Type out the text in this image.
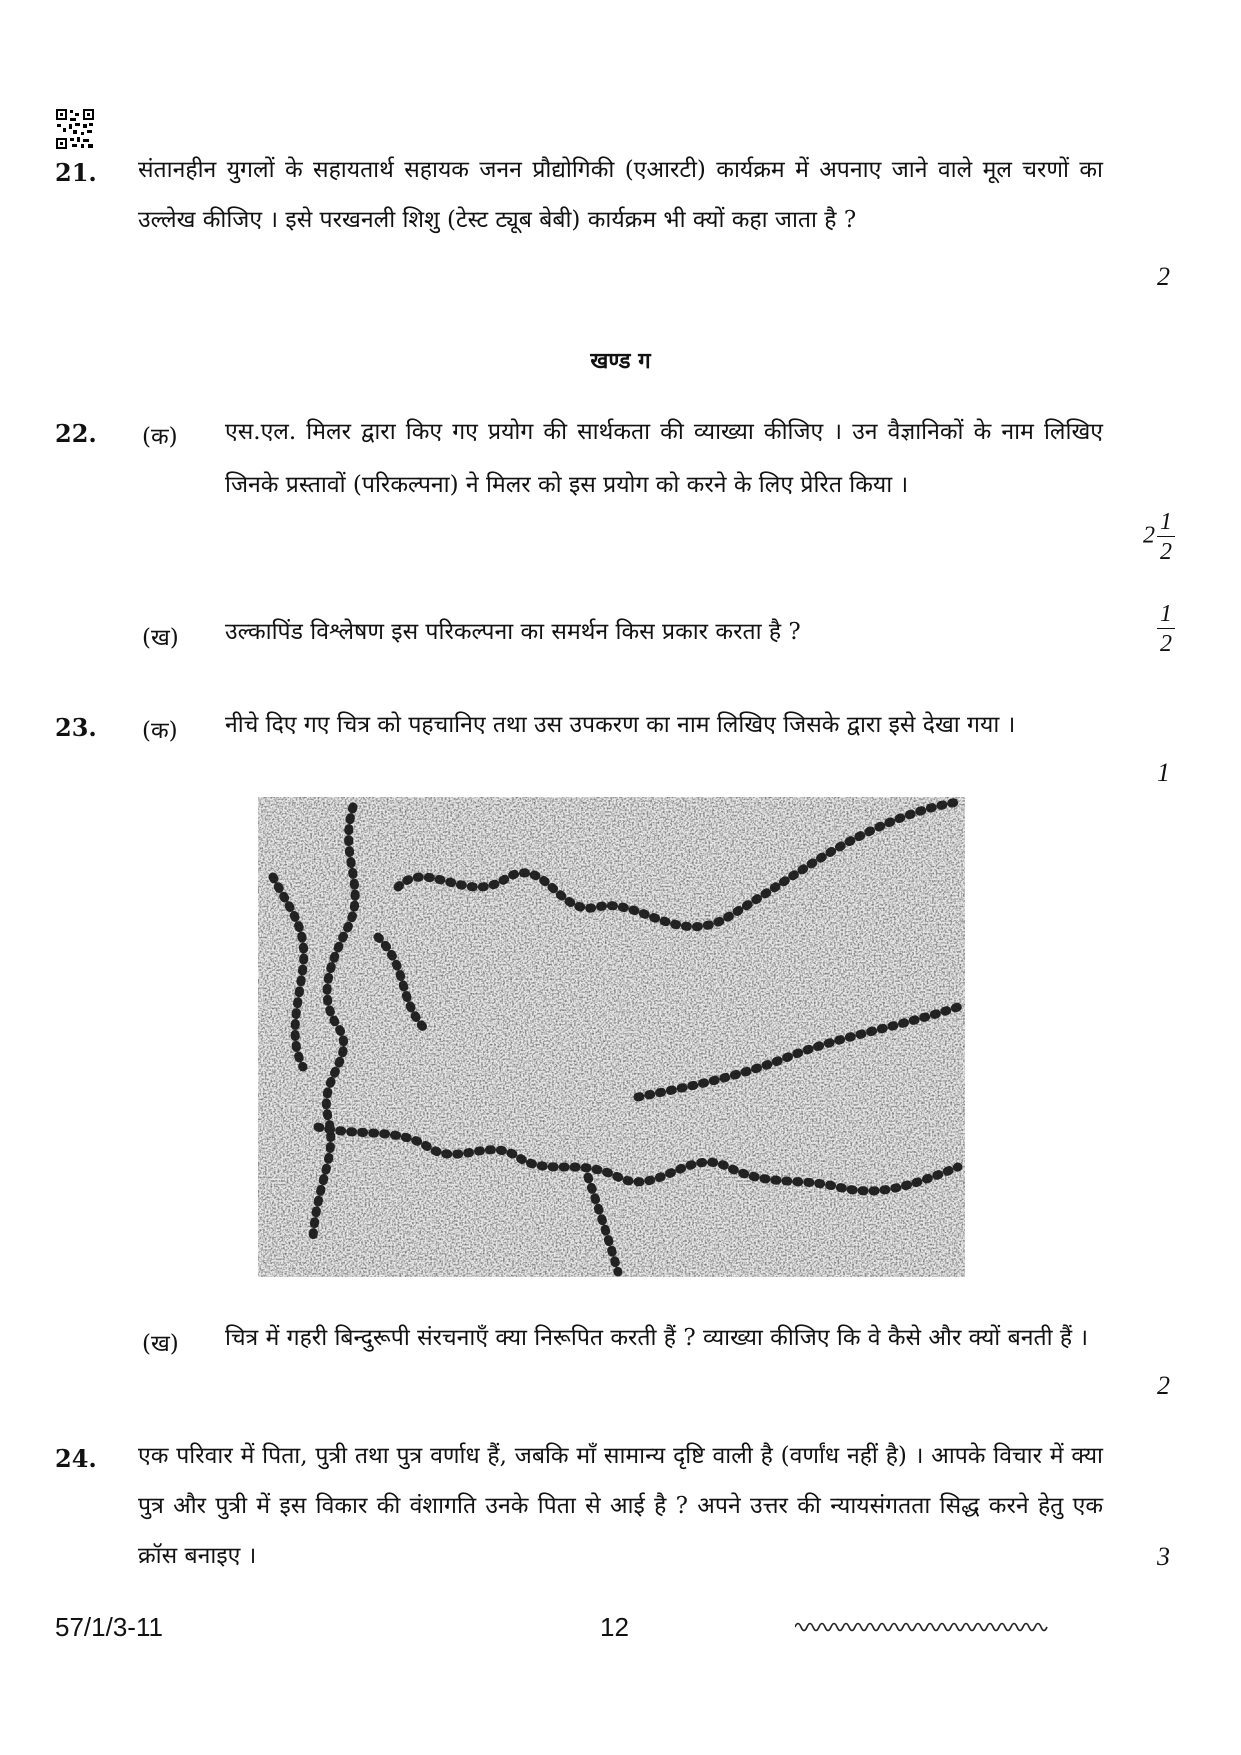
21. संतानहीन युगलों के सहायतार्थ सहायक जनन प्रौद्योगिकी (एआरटी) कार्यक्रम में अपनाए जाने वाले मूल चरणों का उल्लेख कीजिए । इसे परखनली शिशु (टेस्ट ट्यूब बेबी) कार्यक्रम भी क्यों कहा जाता है ?
2
खण्ड ग
22. (क) एस.एल. मिलर द्वारा किए गए प्रयोग की सार्थकता की व्याख्या कीजिए । उन वैज्ञानिकों के नाम लिखिए जिनके प्रस्तावों (परिकल्पना) ने मिलर को इस प्रयोग को करने के लिए प्रेरित किया ।
$2 \frac{1}{2}$
(ख) उल्कापिंड विश्लेषण इस परिकल्पना का समर्थन किस प्रकार करता है ?	$\frac{1}{2}$
23. (क) नीचे दिए गए चित्र को पहचानिए तथा उस उपकरण का नाम लिखिए जिसके द्वारा इसे देखा गया ।
1
(ख) चित्र में गहरी बिन्दुरूपी संरचनाएँ क्या निरूपित करती हैं ? व्याख्या कीजिए कि वे कैसे और क्यों बनती हैं ।
2
24. एक परिवार में पिता, पुत्री तथा पुत्र वर्णाध हैं, जबकि माँ सामान्य दृष्टि वाली है (वर्णांध नहीं है) । आपके विचार में क्या पुत्र और पुत्री में इस विकार की वंशागति उनके पिता से आई है ? अपने उत्तर की न्यायसंगतता सिद्ध करने हेतु एक क्रॉस बनाइए ।	3
57/1/3-11	12
